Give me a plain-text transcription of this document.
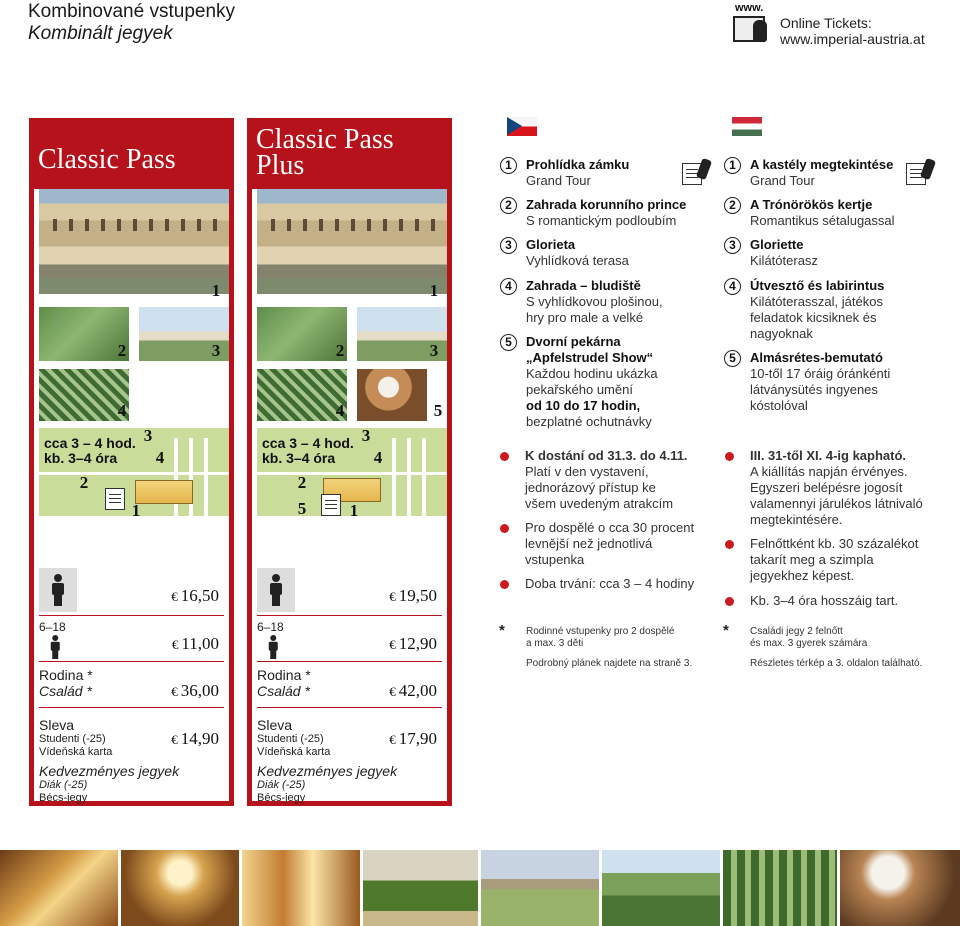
Kombinované vstupenky
Kombinált jegyek
www.
Online Tickets:
www.imperial-austria.at
Classic Pass
1
2	3
4
cca 3 – 4 hod.
kb. 3–4 óra
3
4
2
1
€ 16,50
6–18
€ 11,00
Rodina *
Család *	€ 36,00
Sleva
Studenti (-25)
Vídeňská karta
€ 14,90
Kedvezményes jegyek
Diák (-25)
Bécs-jegy
Classic Pass
Plus
1
2	3
4	5
cca 3 – 4 hod.
kb. 3–4 óra
3
4
2
5	1
€ 19,50
6–18
€ 12,90
Rodina *
Család *	€ 42,00
Sleva
Studenti (-25)
Vídeňská karta
€ 17,90
Kedvezményes jegyek
Diák (-25)
Bécs-jegy
1	Prohlídka zámku
Grand Tour
2	Zahrada korunního prince
S romantickým podloubím
3	Glorieta
Vyhlídková terasa
4	Zahrada – bludiště
S vyhlídkovou plošinou,
hry pro male a velké
5	Dvorní pekárna
„Apfelstrudel Show“
Každou hodinu ukázka
pekařského umění
od 10 do 17 hodin,
bezplatné ochutnávky
K dostání od 31.3. do 4.11.
Platí v den vystavení,
jednorázový přístup ke
všem uvedeným atrakcím
Pro dospělé o cca 30 procent
levnější než jednotlivá
vstupenka
Doba trvání: cca 3 – 4 hodiny
* Rodinné vstupenky pro 2 dospělé
a max. 3 děti
Podrobný plánek najdete na straně 3.
1	A kastély megtekintése
Grand Tour
2	A Trónörökös kertje
Romantikus sétalugassal
3	Gloriette
Kilátóterasz
4	Útvesztő és labirintus
Kilátóterasszal, játékos
feladatok kicsiknek és
nagyoknak
5	Almásrétes-bemutató
10-től 17 óráig óránkénti
látványsütés ingyenes
kóstolóval
III. 31-től XI. 4-ig kapható.
A kiállítás napján érvényes.
Egyszeri belépésre jogosít
valamennyi járulékos látnivaló
megtekintésére.
Felnőttként kb. 30 százalékot
takarít meg a szimpla
jegyekhez képest.
Kb. 3–4 óra hosszáig tart.
* Családi jegy 2 felnőtt
és max. 3 gyerek számára
Részletes térkép a 3. oldalon található.
